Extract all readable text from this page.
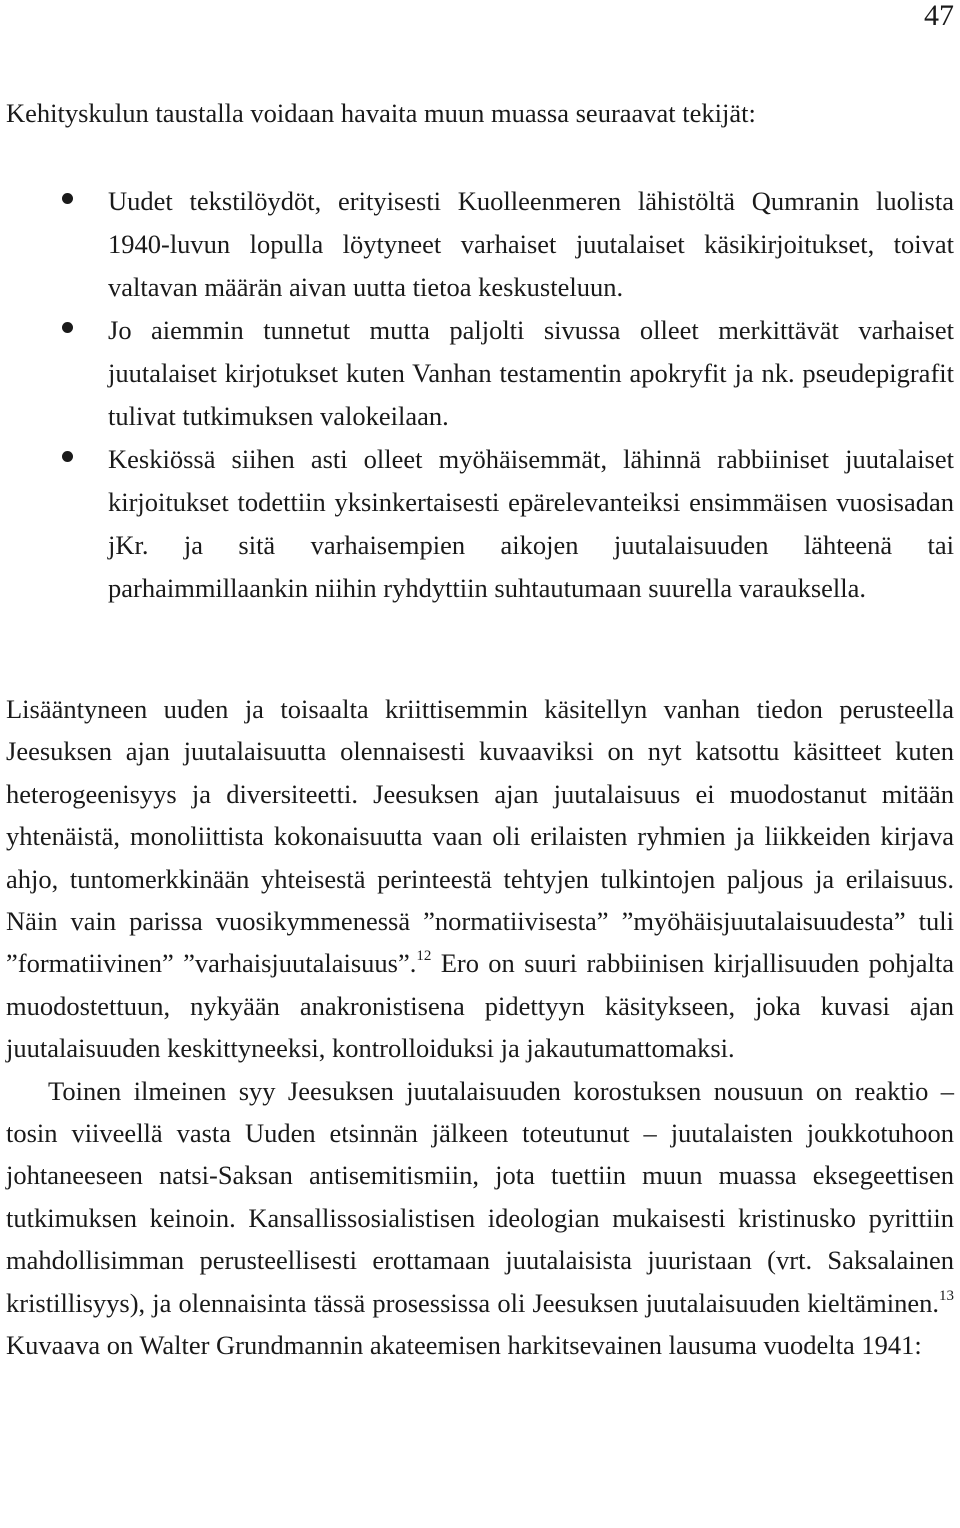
47
Kehityskulun taustalla voidaan havaita muun muassa seuraavat tekijät:
Uudet tekstilöydöt, erityisesti Kuolleenmeren lähistöltä Qumranin luolista 1940-luvun lopulla löytyneet varhaiset juutalaiset käsikirjoitukset, toivat valtavan määrän aivan uutta tietoa keskusteluun.
Jo aiemmin tunnetut mutta paljolti sivussa olleet merkittävät varhaiset juutalaiset kirjotukset kuten Vanhan testamentin apokryfit ja nk. pseudepigrafit tulivat tutkimuksen valokeilaan.
Keskiössä siihen asti olleet myöhäisemmät, lähinnä rabbiiniset juutalaiset kirjoitukset todettiin yksinkertaisesti epärelevanteiksi ensimmäisen vuosisadan jKr. ja sitä varhaisempien aikojen juutalaisuuden lähteenä tai parhaimmillaankin niihin ryhdyttiin suhtautumaan suurella varauksella.

Lisääntyneen uuden ja toisaalta kriittisemmin käsitellyn vanhan tiedon perusteella Jeesuksen ajan juutalaisuutta olennaisesti kuvaaviksi on nyt katsottu käsitteet kuten heterogeenisyys ja diversiteetti. Jeesuksen ajan juutalaisuus ei muodostanut mitään yhtenäistä, monoliittista kokonaisuutta vaan oli erilaisten ryhmien ja liikkeiden kirjava ahjo, tuntomerkkinään yhteisestä perinteestä tehtyjen tulkintojen paljous ja erilaisuus. Näin vain parissa vuosikymmenessä ”normatiivisesta” ”myöhäisjuutalaisuudesta” tuli ”formatiivinen” ”varhaisjuutalaisuus”.$^{12}$ Ero on suuri rabbiinisen kirjallisuuden pohjalta muodostettuun, nykyään anakronistisena pidettyyn käsitykseen, joka kuvasi ajan juutalaisuuden keskittyneeksi, kontrolloiduksi ja jakautumattomaksi.

Toinen ilmeinen syy Jeesuksen juutalaisuuden korostuksen nousuun on reaktio – tosin viiveellä vasta Uuden etsinnän jälkeen toteutunut – juutalaisten joukkotuhoon johtaneeseen natsi-Saksan antisemitismiin, jota tuettiin muun muassa eksegeettisen tutkimuksen keinoin. Kansallissosialistisen ideologian mukaisesti kristinusko pyrittiin mahdollisimman perusteellisesti erottamaan juutalaisista juuristaan (vrt. Saksalainen kristillisyys), ja olennaisinta tässä prosessissa oli Jeesuksen juutalaisuuden kieltäminen.$^{13}$ Kuvaava on Walter Grundmannin akateemisen harkitsevainen lausuma vuodelta 1941:
